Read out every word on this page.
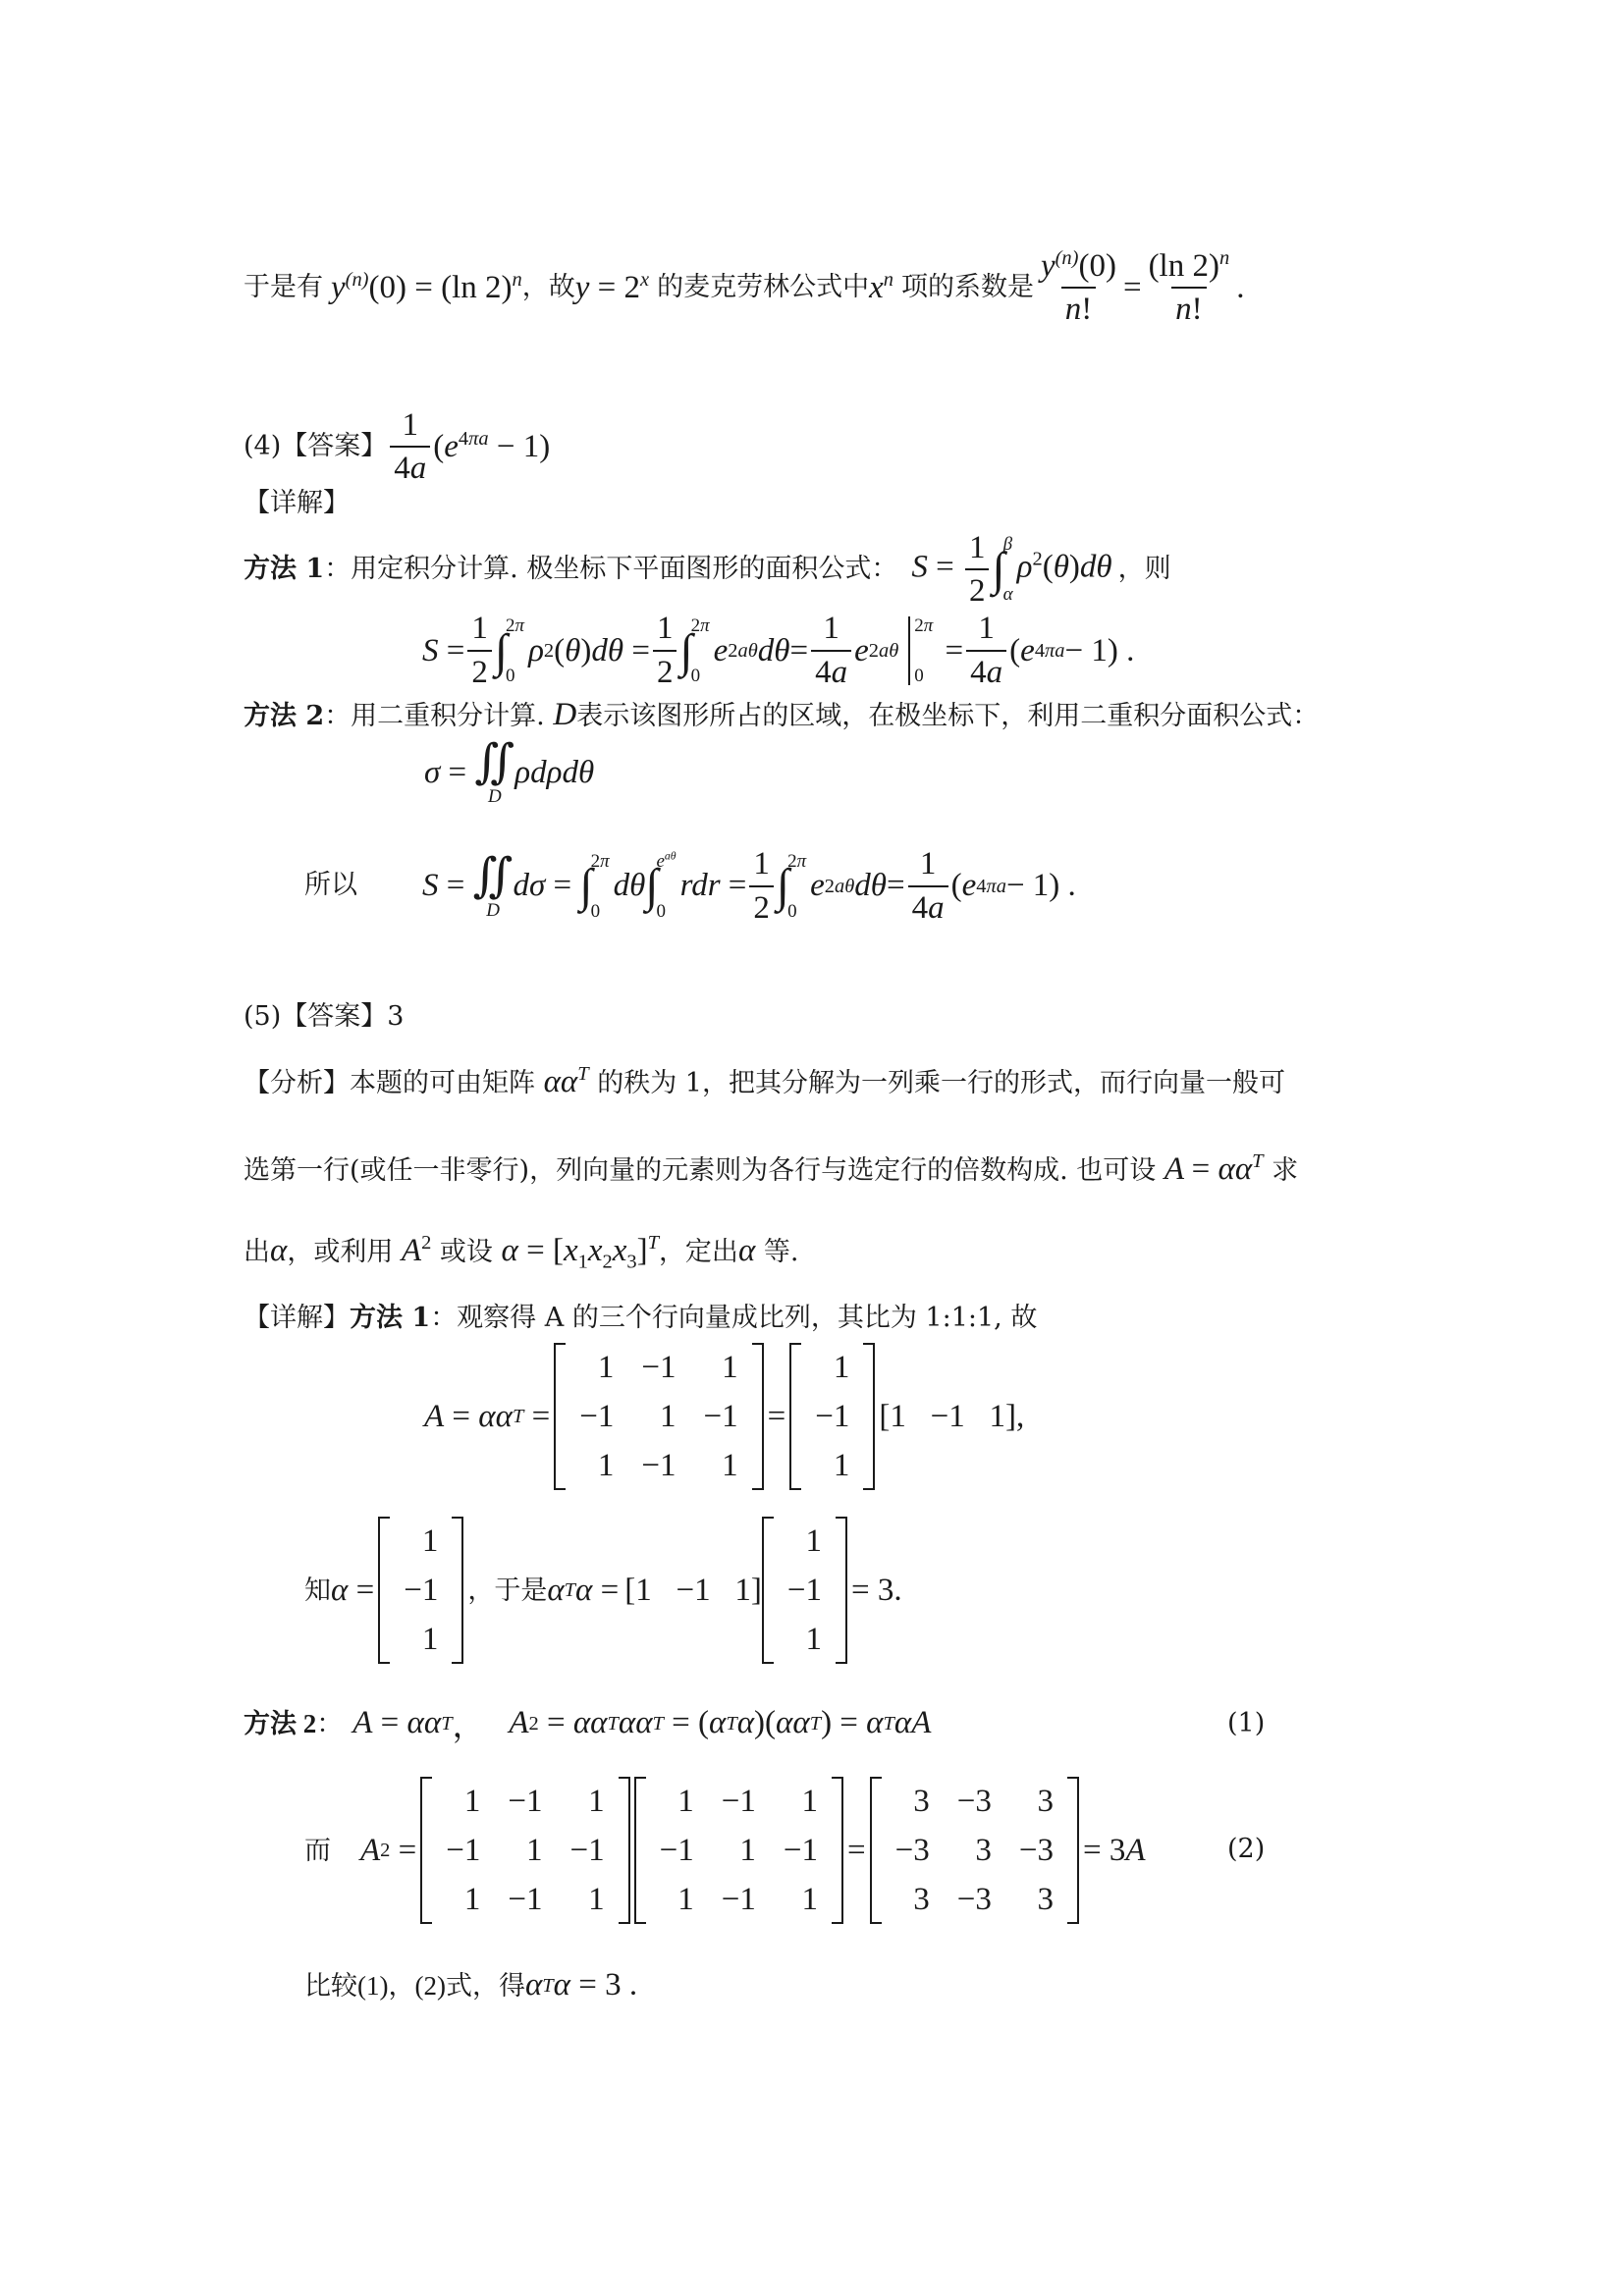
于是有 $y^{(n)}(0) = (\ln$ 2)$^n$ ，故 $y = 2^x$ 的麦克劳林公式中 $x^n$ 项的系数是 $\frac{y^{(n)}(0)}{n!} = \frac{(\ln 2)^n}{n!}$ .
(4) 【答案】 $\frac{1}{4a} (e^{4\pi a} - 1)$
【详解】
方法 1 ：用定积分计算. 极坐标下平面图形的面积公式： $S = \frac{1}{2}$ ∫
β
α
$\rho^2(\theta)d\theta$ ，则
$S = \frac{1}{2}$ ∫
2π
0
ρ 2 ( θ ) $d\theta = \frac{1}{2}$ ∫
2π
0
e 2aθ $d\theta = \frac{1}{4a}$ e 2aθ
2π
0
= $\frac{1}{4a}$ ( e 4πa − 1) .
方法 2：用二重积分计算. D表示该图形所占的区域，在极坐标下，利用二重积分面积公式：
σ = ∬
D
ρdρdθ
所以 S = ∬
D
dσ = ∫
2π
0
dθ ∫
$e^{a\theta}$
0
rdr = $\frac{1}{2}$ ∫
2π
0
e 2aθ $d\theta = \frac{1}{4a}$ ( e 4πa − 1) .
(5)【答案】3
【分析】本题的可由矩阵 $\alpha\alpha^T$ 的秩为 1，把其分解为一列乘一行的形式，而行向量一般可
选第一行(或任一非零行)，列向量的元素则为各行与选定行的倍数构成. 也可设 $A = \alpha\alpha^T$ 求
出α，或利用 $A^2$ 或设 $\alpha = [x_1x_2x_3]^T$，定出α 等.
【详解】方法 1：观察得 A 的三个行向量成比列，其比为 1:1:1, 故
A = αα T =
1	−1	1
−1	1	−1
1	−1	1
=
1
−1
1
[1 −1 1] ,
知 α =
1
−1
1
，于是 α T α = [1 −1 1]
1
−1
1
= 3.
方法 2 ： A = αα T ， A 2 = αα T αα T = ( α T α )( αα T ) = α T αA	(1)
而 A 2 =
1	−1	1
−1	1	−1
1	−1	1
1	−1	1
−1	1	−1
1	−1	1
=
3	−3	3
−3	3	−3
3	−3	3
= 3 A	(2)
比较(1)，(2)式，得 α T α = 3 .
